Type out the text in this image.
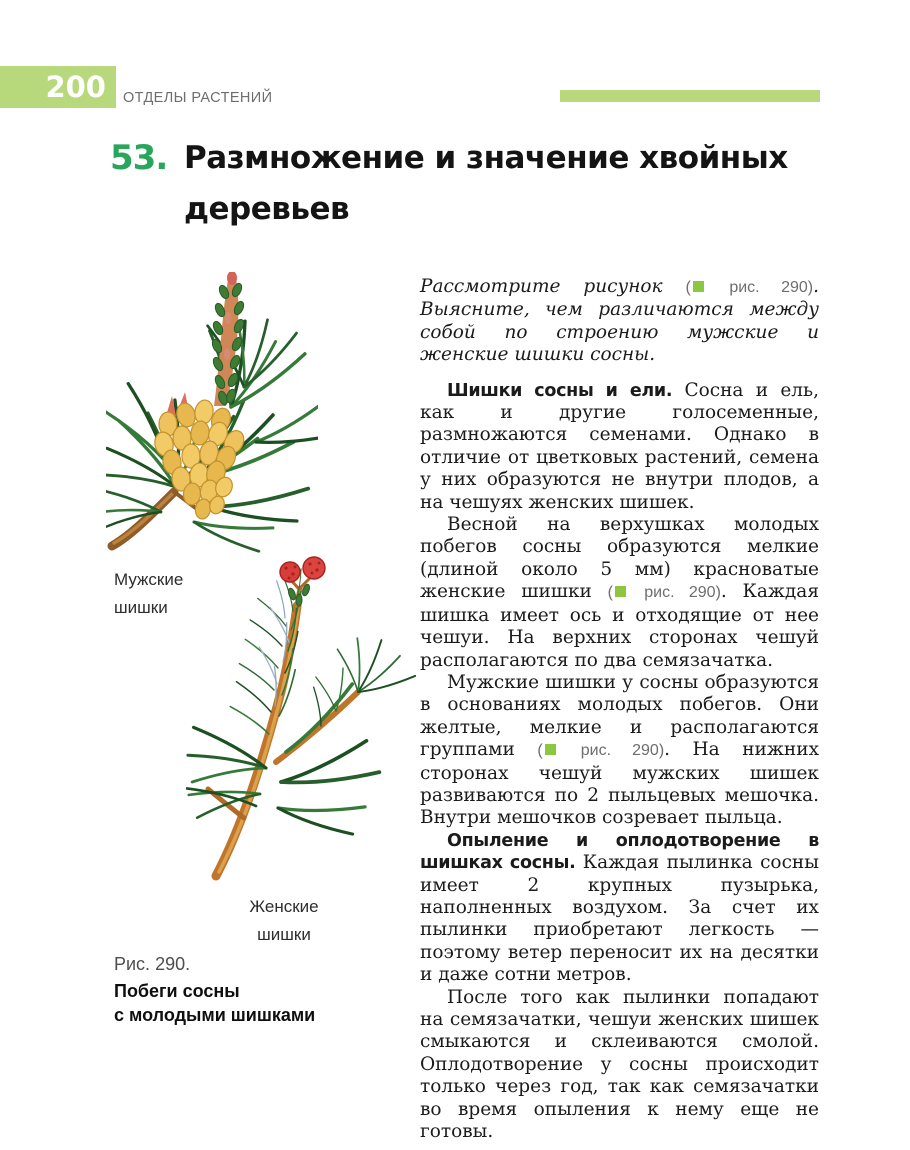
200	ОТДЕЛЫ РАСТЕНИЙ
53. Размножение и значение хвойных деревьев
Мужские
шишки
Женские
шишки
Рис. 290.
Побеги сосны
с молодыми шишками

Рассмотрите рисунок ( рис. 290). Выясните, чем различаются между собой по строению мужские и женские шишки сосны.

Шишки сосны и ели. Сосна и ель, как и другие голосеменные, размножаются семенами. Однако в отличие от цветковых растений, семена у них образуются не внутри плодов, а на чешуях женских шишек.

Весной на верхушках молодых побегов сосны образуются мелкие (длиной около 5 мм) красноватые женские шишки ( рис. 290). Каждая шишка имеет ось и отходящие от нее чешуи. На верхних сторонах чешуй располагаются по два семязачатка.

Мужские шишки у сосны образуются в основаниях молодых побегов. Они желтые, мелкие и располагаются группами ( рис. 290). На нижних сторонах чешуй мужских шишек развиваются по 2 пыльцевых мешочка. Внутри мешочков созревает пыльца.

Опыление и оплодотворение в шишках сосны. Каждая пылинка сосны имеет 2 крупных пузырька, наполненных воздухом. За счет их пылинки приобретают легкость — поэтому ветер переносит их на десятки и даже сотни метров.

После того как пылинки попадают на семязачатки, чешуи женских шишек смыкаются и склеиваются смолой. Оплодотворение у сосны происходит только через год, так как семязачатки во время опыления к нему еще не готовы.
